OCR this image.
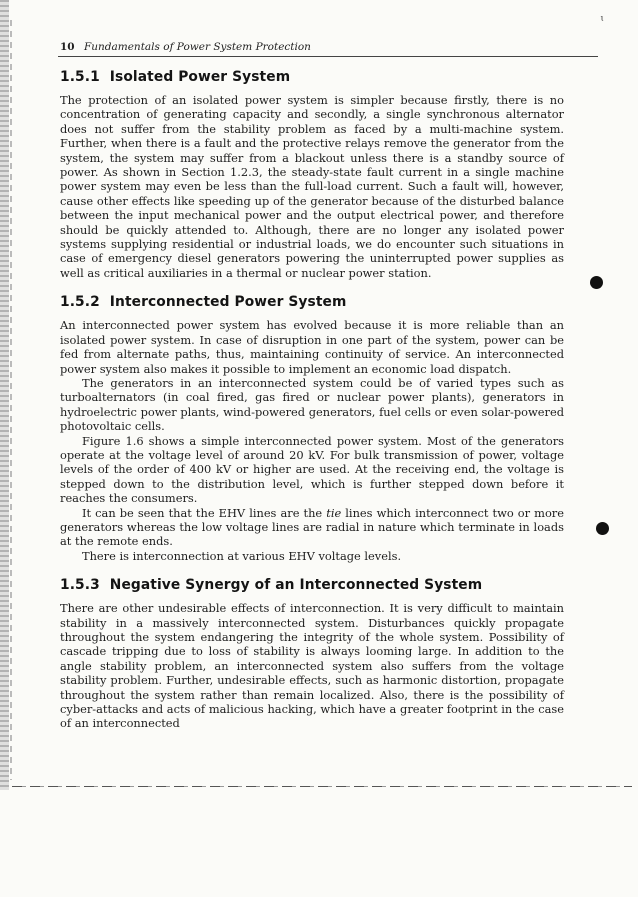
ɩ
10 Fundamentals of Power System Protection
1.5.1 Isolated Power System

The protection of an isolated power system is simpler because firstly, there is no concentration of generating capacity and secondly, a single synchronous alternator does not suffer from the stability problem as faced by a multi-machine system. Further, when there is a fault and the protective relays remove the generator from the system, the system may suffer from a blackout unless there is a standby source of power. As shown in Section 1.2.3, the steady-state fault current in a single machine power system may even be less than the full-load current. Such a fault will, however, cause other effects like speeding up of the generator because of the disturbed balance between the input mechanical power and the output electrical power, and therefore should be quickly attended to. Although, there are no longer any isolated power systems supplying residential or industrial loads, we do encounter such situations in case of emergency diesel generators powering the uninterrupted power supplies as well as critical auxiliaries in a thermal or nuclear power station.

1.5.2 Interconnected Power System

An interconnected power system has evolved because it is more reliable than an isolated power system. In case of disruption in one part of the system, power can be fed from alternate paths, thus, maintaining continuity of service. An interconnected power system also makes it possible to implement an economic load dispatch.

The generators in an interconnected system could be of varied types such as turboalternators (in coal fired, gas fired or nuclear power plants), generators in hydroelectric power plants, wind-powered generators, fuel cells or even solar-powered photovoltaic cells.

Figure 1.6 shows a simple interconnected power system. Most of the generators operate at the voltage level of around 20 kV. For bulk transmission of power, voltage levels of the order of 400 kV or higher are used. At the receiving end, the voltage is stepped down to the distribution level, which is further stepped down before it reaches the consumers.

It can be seen that the EHV lines are the tie lines which interconnect two or more generators whereas the low voltage lines are radial in nature which terminate in loads at the remote ends.

There is interconnection at various EHV voltage levels.

1.5.3 Negative Synergy of an Interconnected System

There are other undesirable effects of interconnection. It is very difficult to maintain stability in a massively interconnected system. Disturbances quickly propagate throughout the system endangering the integrity of the whole system. Possibility of cascade tripping due to loss of stability is always looming large. In addition to the angle stability problem, an interconnected system also suffers from the voltage stability problem. Further, undesirable effects, such as harmonic distortion, propagate throughout the system rather than remain localized. Also, there is the possibility of cyber-attacks and acts of malicious hacking, which have a greater footprint in the case of an interconnected
